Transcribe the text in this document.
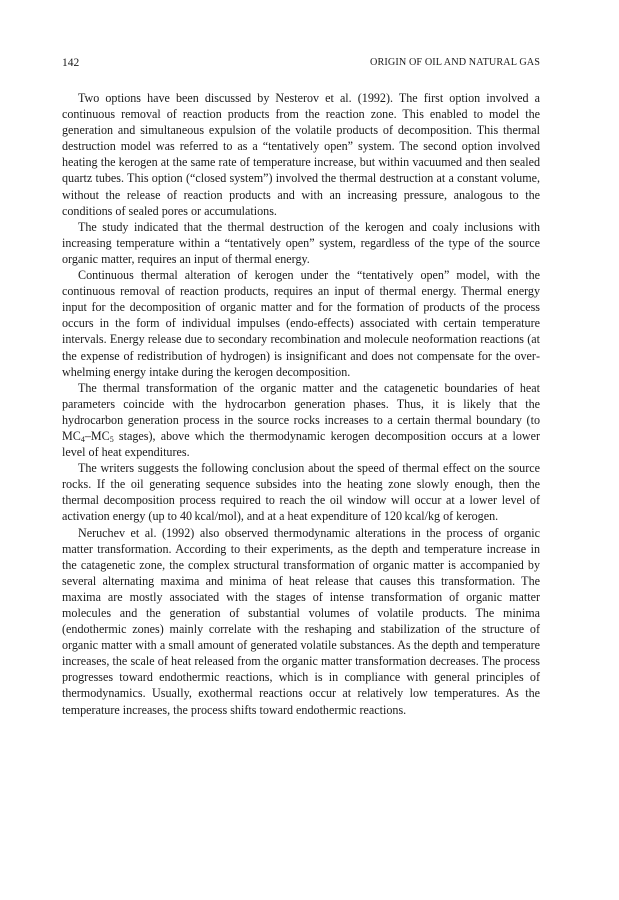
142	ORIGIN OF OIL AND NATURAL GAS

Two options have been discussed by Nesterov et al. (1992). The first option involved a continuous removal of reaction products from the reaction zone. This enabled to model the generation and simultaneous expulsion of the volatile products of decomposition. This thermal destruction model was referred to as a “tentatively open” system. The second option involved heating the kerogen at the same rate of temperature increase, but within vacuumed and then sealed quartz tubes. This option (“closed system”) involved the thermal destruction at a constant volume, without the release of reaction products and with an increasing pressure, analogous to the conditions of sealed pores or accumulations.

The study indicated that the thermal destruction of the kerogen and coaly inclusions with increasing temperature within a “tentatively open” system, regardless of the type of the source organic matter, requires an input of thermal energy.

Continuous thermal alteration of kerogen under the “tentatively open” model, with the continuous removal of reaction products, requires an input of thermal energy. Thermal energy input for the decomposition of organic matter and for the formation of products of the process occurs in the form of individual impulses (endo-effects) associated with certain temperature intervals. Energy release due to secondary recombination and molecule neoformation reactions (at the expense of redistribution of hydrogen) is insignificant and does not compensate for the overwhelming energy intake during the kerogen decomposition.

The thermal transformation of the organic matter and the catagenetic boundaries of heat parameters coincide with the hydrocarbon generation phases. Thus, it is likely that the hydrocarbon generation process in the source rocks increases to a certain thermal boundary (to $MC_4-MC_5$ stages), above which the thermodynamic kerogen decomposition occurs at a lower level of heat expenditures.

The writers suggests the following conclusion about the speed of thermal effect on the source rocks. If the oil generating sequence subsides into the heating zone slowly enough, then the thermal decomposition process required to reach the oil window will occur at a lower level of activation energy (up to 40 kcal/mol), and at a heat expenditure of 120 kcal/kg of kerogen.

Neruchev et al. (1992) also observed thermodynamic alterations in the process of organic matter transformation. According to their experiments, as the depth and temperature increase in the catagenetic zone, the complex structural transformation of organic matter is accompanied by several alternating maxima and minima of heat release that causes this transformation. The maxima are mostly associated with the stages of intense transformation of organic matter molecules and the generation of substantial volumes of volatile products. The minima (endothermic zones) mainly correlate with the reshaping and stabilization of the structure of organic matter with a small amount of generated volatile substances. As the depth and temperature increases, the scale of heat released from the organic matter transformation decreases. The process progresses toward endothermic reactions, which is in compliance with general principles of thermodynamics. Usually, exothermal reactions occur at relatively low temperatures. As the temperature increases, the process shifts toward endothermic reactions.
